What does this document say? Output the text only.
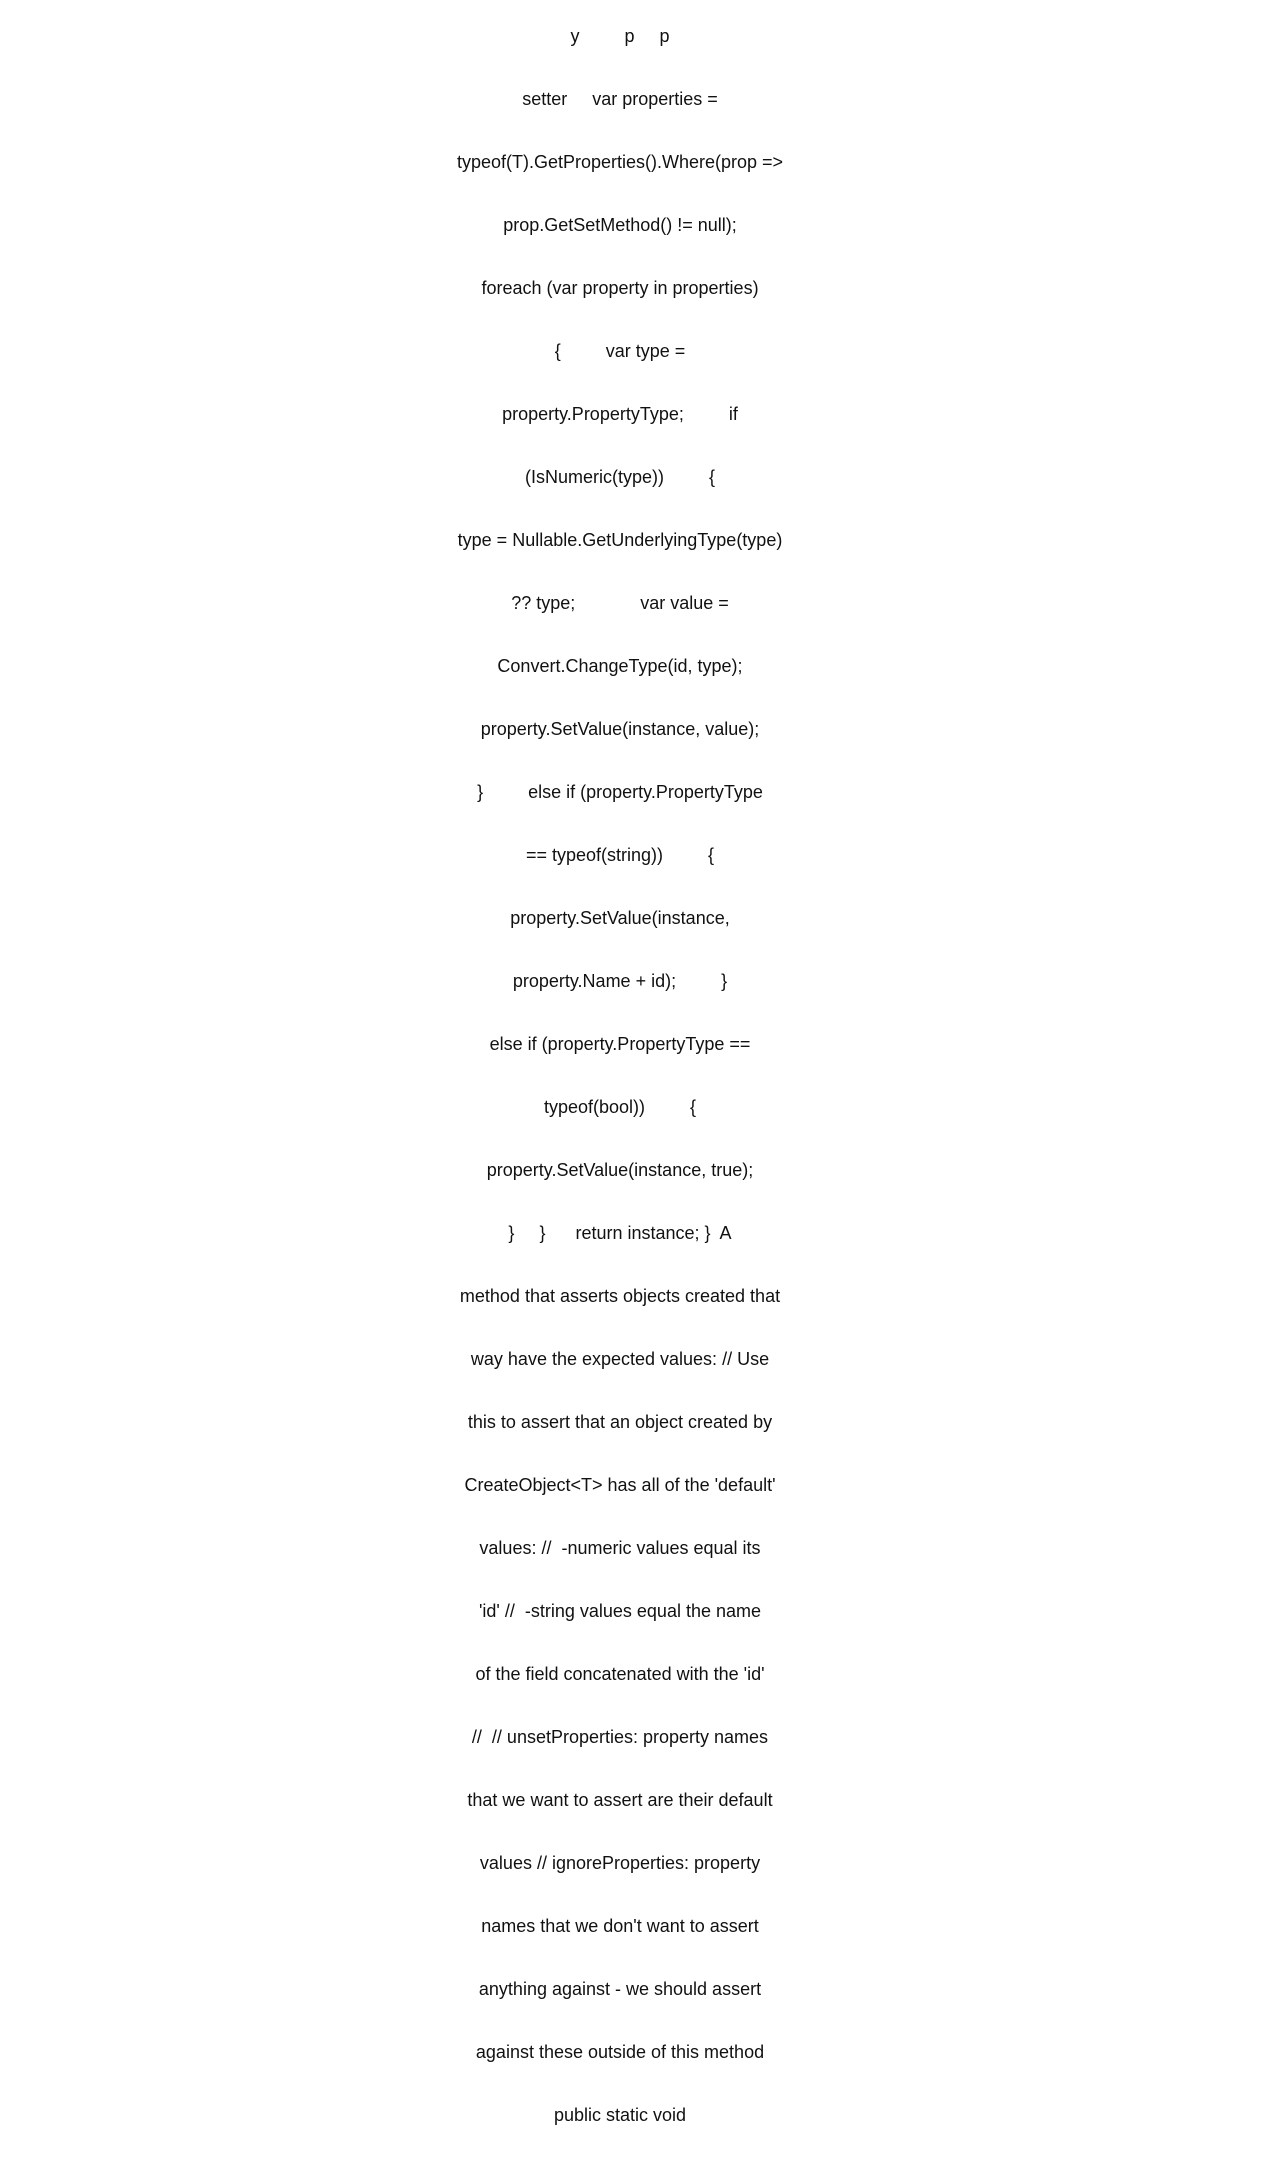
y         p     p

setter     var properties =

typeof(T).GetProperties().Where(prop =>

prop.GetSetMethod() != null);

foreach (var property in properties)

{         var type =

property.PropertyType;         if

(IsNumeric(type))         {

type = Nullable.GetUnderlyingType(type)

?? type;             var value =

Convert.ChangeType(id, type);

property.SetValue(instance, value);

}         else if (property.PropertyType

== typeof(string))         {

property.SetValue(instance,

property.Name + id);         }

else if (property.PropertyType ==

typeof(bool))         {

property.SetValue(instance, true);

}     }      return instance; }  A

method that asserts objects created that

way have the expected values: // Use

this to assert that an object created by

CreateObject<T> has all of the 'default'

values: //  -numeric values equal its

'id' //  -string values equal the name

of the field concatenated with the 'id'

//  // unsetProperties: property names

that we want to assert are their default

values // ignoreProperties: property

names that we don't want to assert

anything against - we should assert

against these outside of this method

public static void
